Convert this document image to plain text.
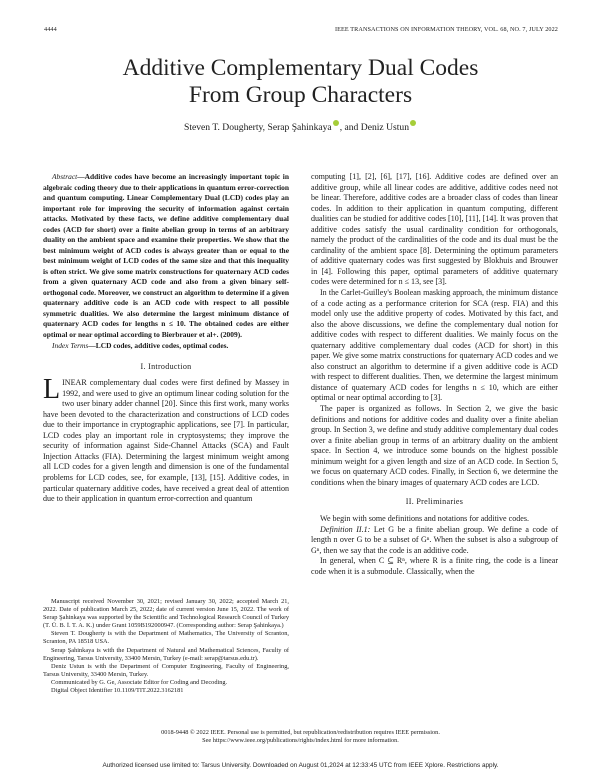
4444	IEEE TRANSACTIONS ON INFORMATION THEORY, VOL. 68, NO. 7, JULY 2022
Additive Complementary Dual Codes
From Group Characters
Steven T. Dougherty, Serap Şahinkaya , and Deniz Ustun

Abstract—Additive codes have become an increasingly important topic in algebraic coding theory due to their applications in quantum error-correction and quantum computing. Linear Complementary Dual (LCD) codes play an important role for improving the security of information against certain attacks. Motivated by these facts, we define additive complementary dual codes (ACD for short) over a finite abelian group in terms of an arbitrary duality on the ambient space and examine their properties. We show that the best minimum weight of ACD codes is always greater than or equal to the best minimum weight of LCD codes of the same size and that this inequality is often strict. We give some matrix constructions for quaternary ACD codes from a given quaternary ACD code and also from a given binary self-orthogonal code. Moreover, we construct an algorithm to determine if a given quaternary additive code is an ACD code with respect to all possible symmetric dualities. We also determine the largest minimum distance of quaternary ACD codes for lengths n ≤ 10. The obtained codes are either optimal or near optimal according to Bierbrauer et al+. (2009).

Index Terms—LCD codes, additive codes, optimal codes.

I. Introduction

LINEAR complementary dual codes were first defined by Massey in 1992, and were used to give an optimum linear coding solution for the two user binary adder channel [20]. Since this first work, many works have been devoted to the characterization and constructions of LCD codes due to their importance in cryptographic applications, see [7]. In particular, LCD codes play an important role in cryptosystems; they improve the security of information against Side-Channel Attacks (SCA) and Fault Injection Attacks (FIA). Determining the largest minimum weight among all LCD codes for a given length and dimension is one of the fundamental problems for LCD codes, see, for example, [13], [15]. Additive codes, in particular quaternary additive codes, have received a great deal of attention due to their application in quantum error-correction and quantum

Manuscript received November 30, 2021; revised January 30, 2022; accepted March 21, 2022. Date of publication March 25, 2022; date of current version June 15, 2022. The work of Serap Şahinkaya was supported by the Scientific and Technological Research Council of Turkey (T. Ü. B. İ. T. A. K.) under Grant 1059B192000947. (Corresponding author: Serap Şahinkaya.)

Steven T. Dougherty is with the Department of Mathematics, The University of Scranton, Scranton, PA 18518 USA.

Serap Şahinkaya is with the Department of Natural and Mathematical Sciences, Faculty of Engineering, Tarsus University, 33400 Mersin, Turkey (e-mail: serap@tarsus.edu.tr).

Deniz Ustun is with the Department of Computer Engineering, Faculty of Engineering, Tarsus University, 33400 Mersin, Turkey.

Communicated by G. Ge, Associate Editor for Coding and Decoding.

Digital Object Identifier 10.1109/TIT.2022.3162181

computing [1], [2], [6], [17], [16]. Additive codes are defined over an additive group, while all linear codes are additive, additive codes need not be linear. Therefore, additive codes are a broader class of codes than linear codes. In addition to their application in quantum computing, different dualities can be studied for additive codes [10], [11], [14]. It was proven that additive codes satisfy the usual cardinality condition for orthogonals, namely the product of the cardinalities of the code and its dual must be the cardinality of the ambient space [8]. Determining the optimum parameters of additive quaternary codes was first suggested by Blokhuis and Brouwer in [4]. Following this paper, optimal parameters of additive quaternary codes were determined for n ≤ 13, see [3].

In the Carlet-Guilley's Boolean masking approach, the minimum distance of a code acting as a performance criterion for SCA (resp. FIA) and this model only use the additive property of codes. Motivated by this fact, and also the above discussions, we define the complementary dual notion for additive codes with respect to different dualities. We mainly focus on the quaternary additive complementary dual codes (ACD for short) in this paper. We give some matrix constructions for quaternary ACD codes and we also construct an algorithm to determine if a given additive code is ACD with respect to different dualities. Then, we determine the largest minimum distance of quaternary ACD codes for lengths n ≤ 10, which are either optimal or near optimal according to [3].

The paper is organized as follows. In Section 2, we give the basic definitions and notions for additive codes and duality over a finite abelian group. In Section 3, we define and study additive complementary dual codes over a finite abelian group in terms of an arbitrary duality on the ambient space. In Section 4, we introduce some bounds on the highest possible minimum weight for a given length and size of an ACD code. In Section 5, we focus on quaternary ACD codes. Finally, in Section 6, we determine the conditions when the binary images of quaternary ACD codes are LCD.

II. Preliminaries

We begin with some definitions and notations for additive codes.

Definition II.1: Let G be a finite abelian group. We define a code of length n over G to be a subset of Gⁿ. When the subset is also a subgroup of Gⁿ, then we say that the code is an additive code.

In general, when C ⊆ Rⁿ, where R is a finite ring, the code is a linear code when it is a submodule. Classically, when the

0018-9448 © 2022 IEEE. Personal use is permitted, but republication/redistribution requires IEEE permission.
See https://www.ieee.org/publications/rights/index.html for more information.
Authorized licensed use limited to: Tarsus University. Downloaded on August 01,2024 at 12:33:45 UTC from IEEE Xplore. Restrictions apply.
